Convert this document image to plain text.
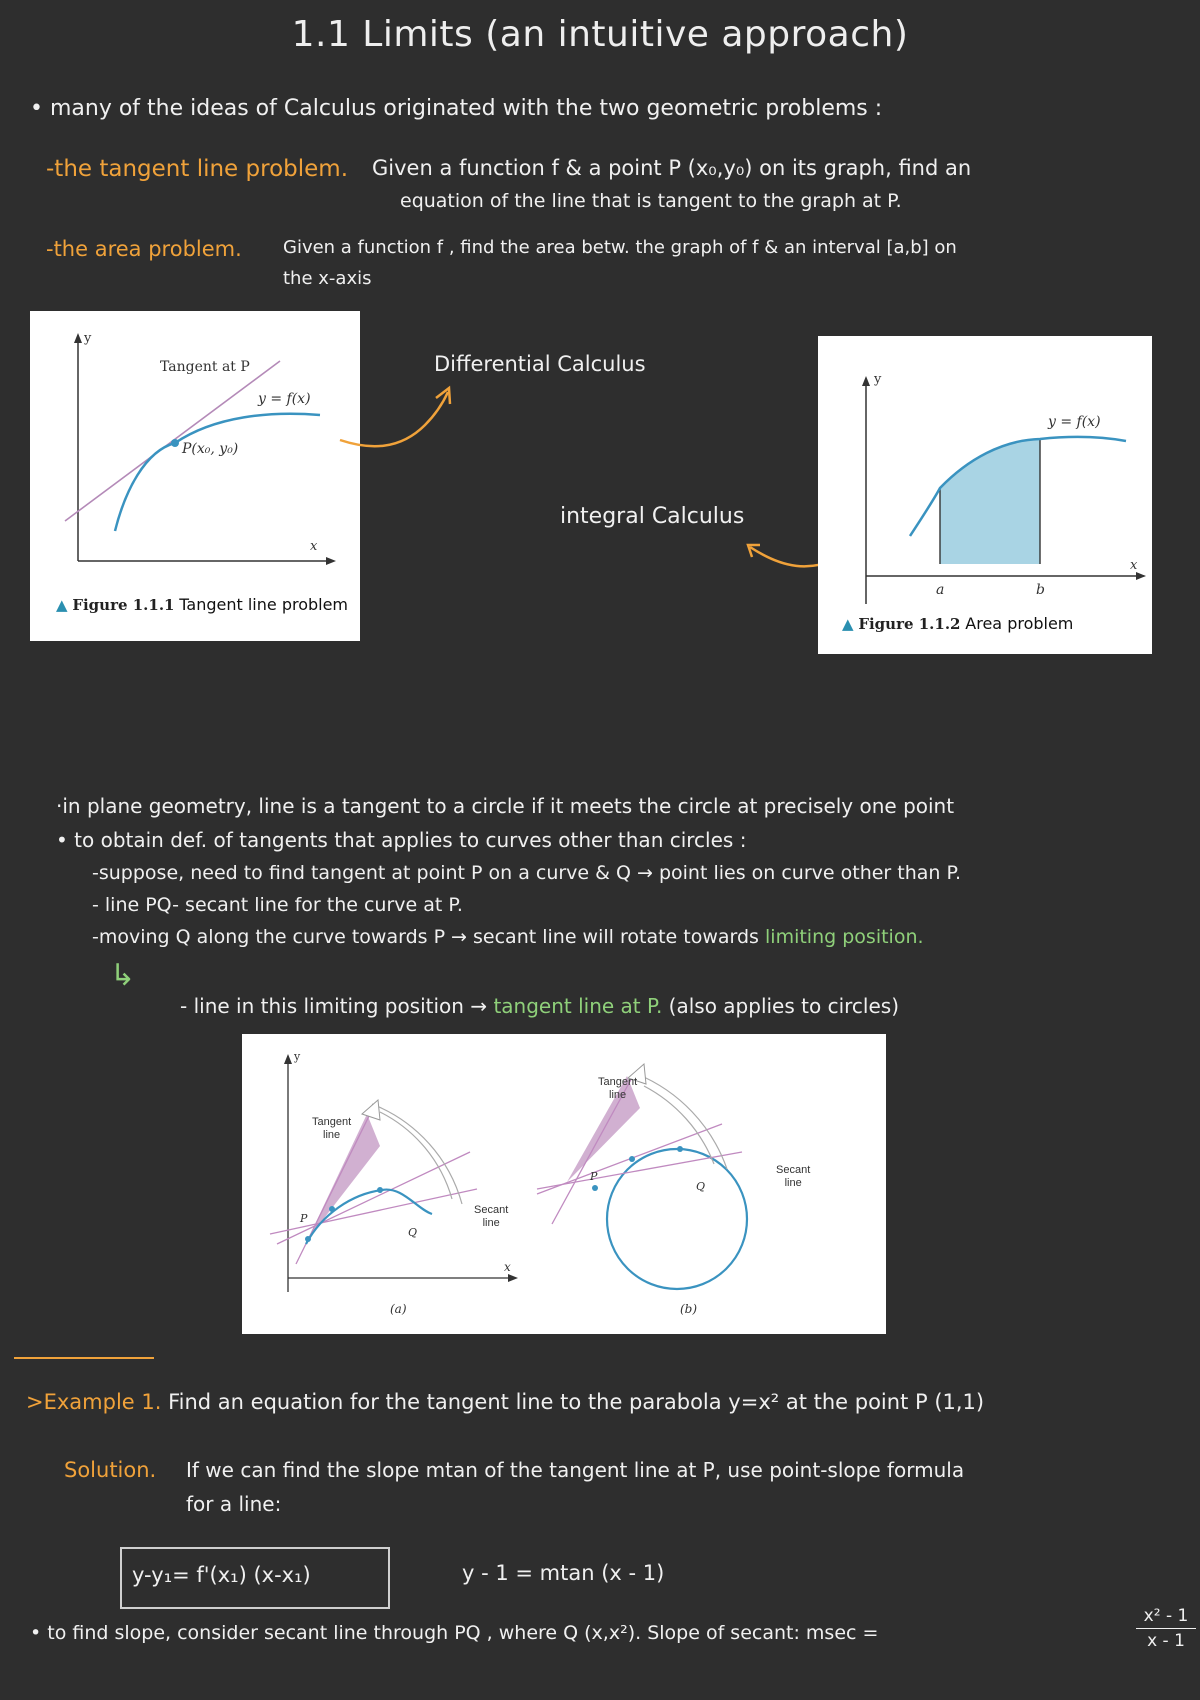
1.1 Limits (an intuitive approach)
• many of the ideas of Calculus originated with the two geometric problems :
-the tangent line problem. Given a function f & a point P (x₀,y₀) on its graph, find an
equation of the line that is tangent to the graph at P.
-the area problem. Given a function f , find the area betw. the graph of f & an interval [a,b] on
the x-axis
y
x
Tangent at P
y = f(x)
P(x₀, y₀)
▲ Figure 1.1.1 Tangent line problem
Differential Calculus
integral Calculus
y
x
y = f(x)
a	b
▲ Figure 1.1.2 Area problem
·in plane geometry, line is a tangent to a circle if it meets the circle at precisely one point
• to obtain def. of tangents that applies to curves other than circles :
-suppose, need to find tangent at point P on a curve & Q → point lies on curve other than P.
- line PQ- secant line for the curve at P.
-moving Q along the curve towards P → secant line will rotate towards limiting position.
↳
- line in this limiting position → tangent line at P. (also applies to circles)
y
x
Tangent
line
Secant
line
P
Q
(a)
Tangent
line
Secant
line
P
Q
(b)
>Example 1. Find an equation for the tangent line to the parabola y=x² at the point P (1,1)
Solution. If we can find the slope mtan of the tangent line at P, use point-slope formula
for a line:
y-y₁= f'(x₁) (x-x₁)	y - 1 = mtan (x - 1)
• to find slope, consider secant line through PQ , where Q (x,x²). Slope of secant: msec =	$\frac{\text{x² - 1}}{x - 1}$
